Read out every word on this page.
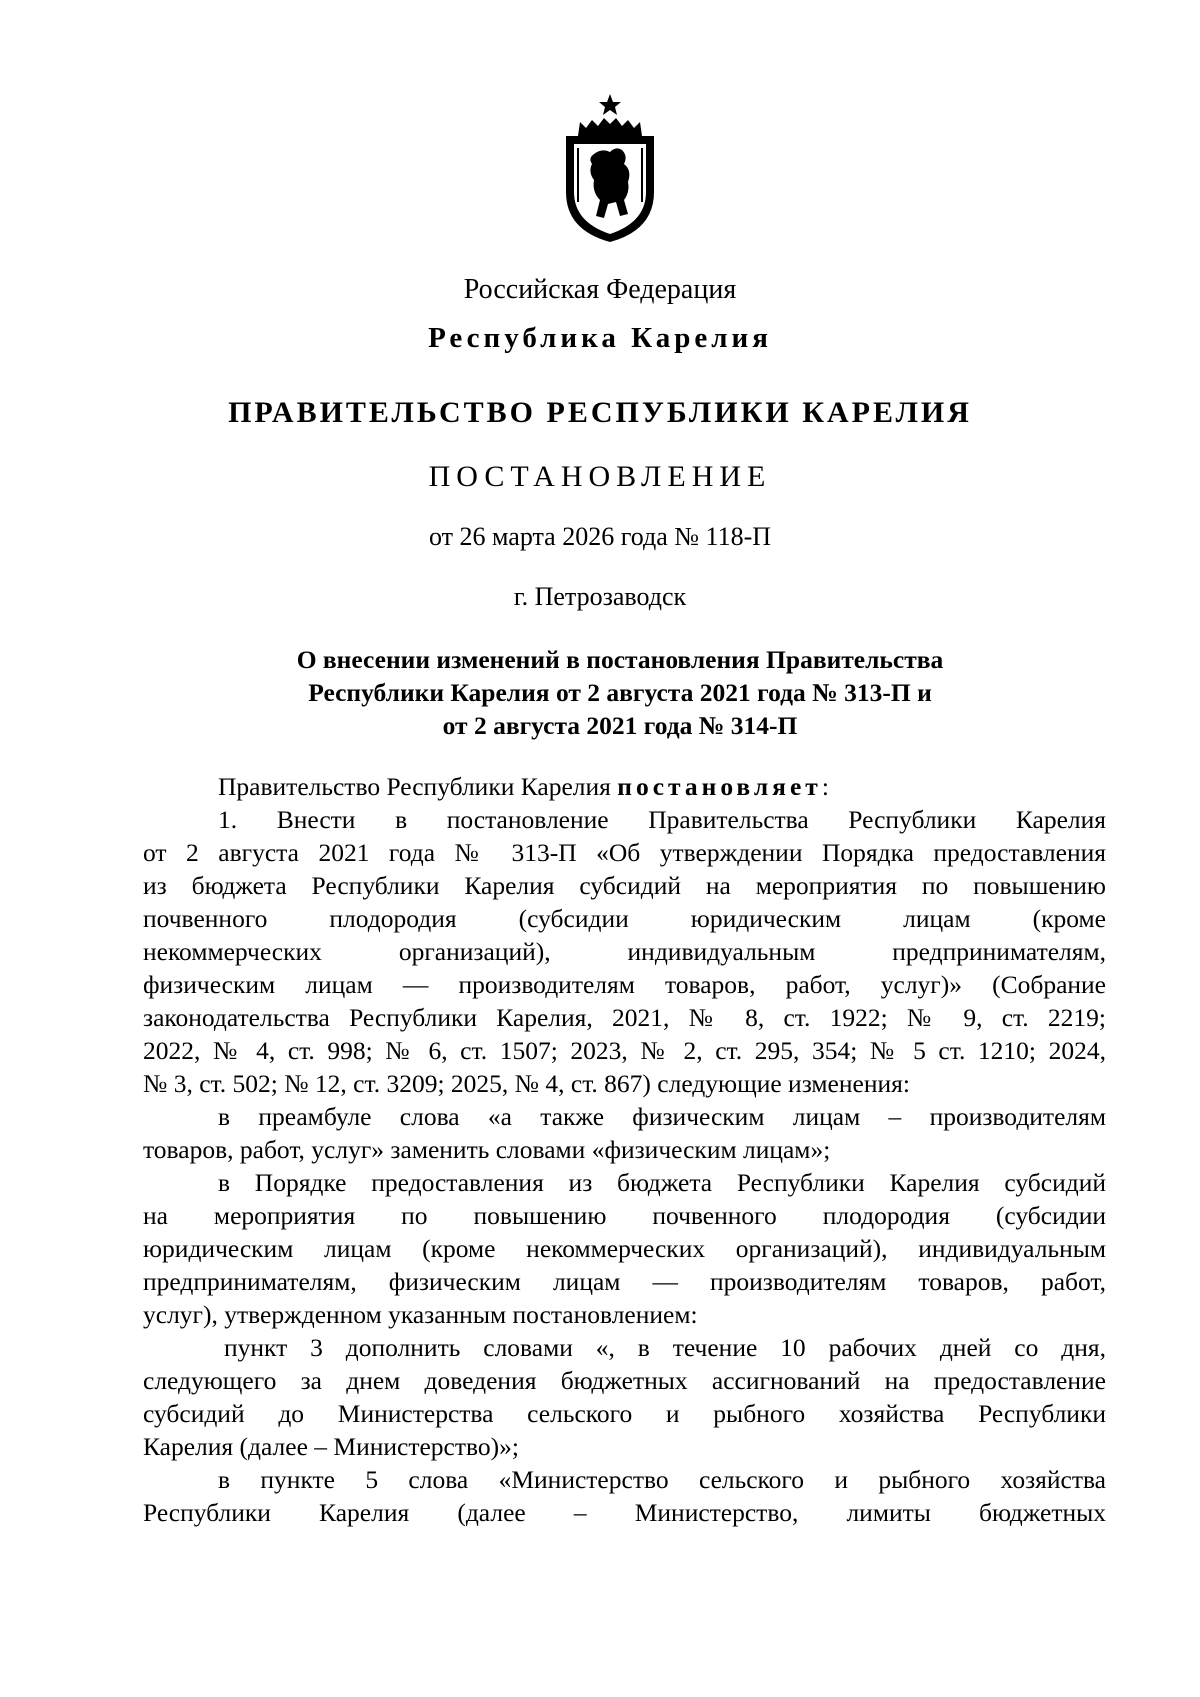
Российская Федерация
Республика Карелия
ПРАВИТЕЛЬСТВО РЕСПУБЛИКИ КАРЕЛИЯ
ПОСТАНОВЛЕНИЕ
от 26 марта 2026 года № 118-П
г. Петрозаводск
О внесении изменений в постановления Правительства
Республики Карелия от 2 августа 2021 года № 313-П и
от 2 августа 2021 года № 314-П
Правительство Республики Карелия постановляет:
1. Внести в постановление Правительства Республики Карелия
от 2 августа 2021 года № 313-П «Об утверждении Порядка предоставления
из бюджета Республики Карелия субсидий на мероприятия по повышению
почвенного плодородия (субсидии юридическим лицам (кроме
некоммерческих организаций), индивидуальным предпринимателям,
физическим лицам — производителям товаров, работ, услуг)» (Собрание
законодательства Республики Карелия, 2021, № 8, ст. 1922; № 9, ст. 2219;
2022, № 4, ст. 998; № 6, ст. 1507; 2023, № 2, ст. 295, 354; № 5 ст. 1210; 2024,
№ 3, ст. 502; № 12, ст. 3209; 2025, № 4, ст. 867) следующие изменения:
в преамбуле слова «а также физическим лицам – производителям
товаров, работ, услуг» заменить словами «физическим лицам»;
в Порядке предоставления из бюджета Республики Карелия субсидий
на мероприятия по повышению почвенного плодородия (субсидии
юридическим лицам (кроме некоммерческих организаций), индивидуальным
предпринимателям, физическим лицам — производителям товаров, работ,
услуг), утвержденном указанным постановлением:
пункт 3 дополнить словами «, в течение 10 рабочих дней со дня,
следующего за днем доведения бюджетных ассигнований на предоставление
субсидий до Министерства сельского и рыбного хозяйства Республики
Карелия (далее – Министерство)»;
в пункте 5 слова «Министерство сельского и рыбного хозяйства
Республики Карелия (далее – Министерство, лимиты бюджетных
